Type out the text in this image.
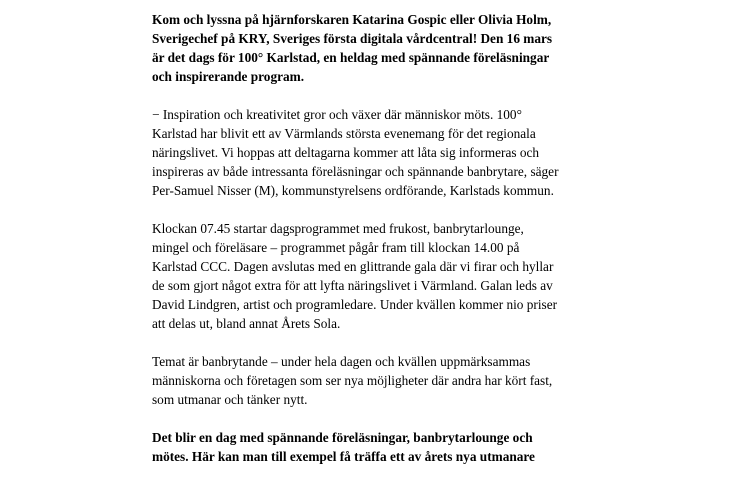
Kom och lyssna på hjärnforskaren Katarina Gospic eller Olivia Holm,
Sverigechef på KRY, Sveriges första digitala vårdcentral! Den 16 mars
är det dags för 100° Karlstad, en heldag med spännande föreläsningar
och inspirerande program.

− Inspiration och kreativitet gror och växer där människor möts. 100°
Karlstad har blivit ett av Värmlands största evenemang för det regionala
näringslivet. Vi hoppas att deltagarna kommer att låta sig informeras och
inspireras av både intressanta föreläsningar och spännande banbrytare, säger
Per-Samuel Nisser (M), kommunstyrelsens ordförande, Karlstads kommun.

Klockan 07.45 startar dagsprogrammet med frukost, banbrytarlounge,
mingel och föreläsare – programmet pågår fram till klockan 14.00 på
Karlstad CCC. Dagen avslutas med en glittrande gala där vi firar och hyllar
de som gjort något extra för att lyfta näringslivet i Värmland. Galan leds av
David Lindgren, artist och programledare. Under kvällen kommer nio priser
att delas ut, bland annat Årets Sola.

Temat är banbrytande – under hela dagen och kvällen uppmärksammas
människorna och företagen som ser nya möjligheter där andra har kört fast,
som utmanar och tänker nytt.

Det blir en dag med spännande föreläsningar, banbrytarlounge och
mötes. Här kan man till exempel få träffa ett av årets nya utmanare
